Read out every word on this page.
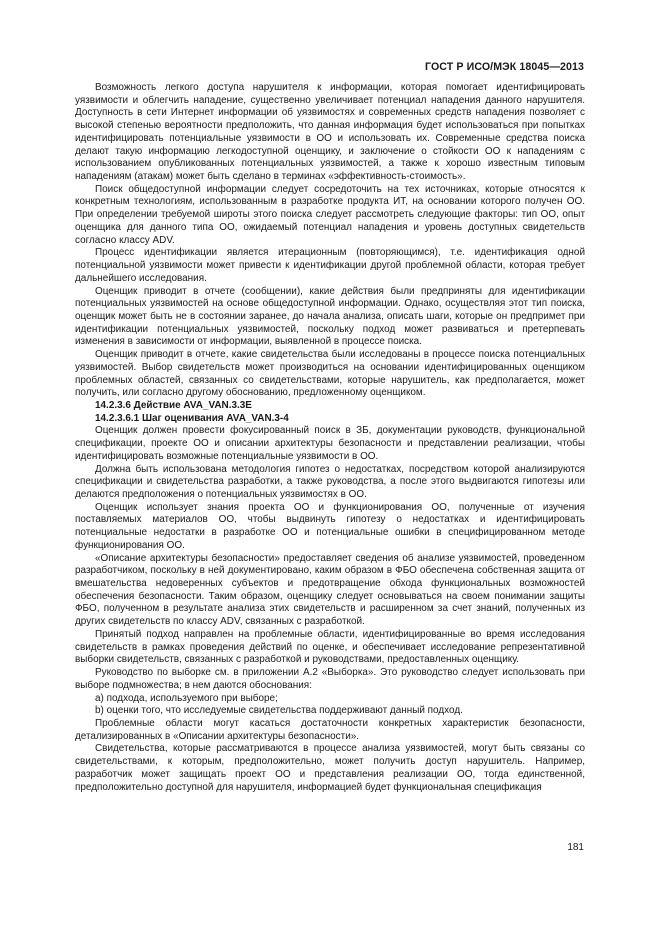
ГОСТ Р ИСО/МЭК 18045—2013

Возможность легкого доступа нарушителя к информации, которая помогает идентифицировать уязвимости и облегчить нападение, существенно увеличивает потенциал нападения данного нарушителя. Доступность в сети Интернет информации об уязвимостях и современных средств нападения позволяет с высокой степенью вероятности предположить, что данная информация будет использоваться при попытках идентифицировать потенциальные уязвимости в ОО и использовать их. Современные средства поиска делают такую информацию легкодоступной оценщику, и заключение о стойкости ОО к нападениям с использованием опубликованных потенциальных уязвимостей, а также к хорошо известным типовым нападениям (атакам) может быть сделано в терминах «эффективность-стоимость».

Поиск общедоступной информации следует сосредоточить на тех источниках, которые относятся к конкретным технологиям, использованным в разработке продукта ИТ, на основании которого получен ОО. При определении требуемой широты этого поиска следует рассмотреть следующие факторы: тип ОО, опыт оценщика для данного типа ОО, ожидаемый потенциал нападения и уровень доступных свидетельств согласно классу ADV.

Процесс идентификации является итерационным (повторяющимся), т.е. идентификация одной потенциальной уязвимости может привести к идентификации другой проблемной области, которая требует дальнейшего исследования.

Оценщик приводит в отчете (сообщении), какие действия были предприняты для идентификации потенциальных уязвимостей на основе общедоступной информации. Однако, осуществляя этот тип поиска, оценщик может быть не в состоянии заранее, до начала анализа, описать шаги, которые он предпримет при идентификации потенциальных уязвимостей, поскольку подход может развиваться и претерпевать изменения в зависимости от информации, выявленной в процессе поиска.

Оценщик приводит в отчете, какие свидетельства были исследованы в процессе поиска потенциальных уязвимостей. Выбор свидетельств может производиться на основании идентифицированных оценщиком проблемных областей, связанных со свидетельствами, которые нарушитель, как предполагается, может получить, или согласно другому обоснованию, предложенному оценщиком.

14.2.3.6 Действие AVA_VAN.3.3E

14.2.3.6.1 Шаг оценивания AVA_VAN.3-4

Оценщик должен провести фокусированный поиск в ЗБ, документации руководств, функциональной спецификации, проекте ОО и описании архитектуры безопасности и представлении реализации, чтобы идентифицировать возможные потенциальные уязвимости в ОО.

Должна быть использована методология гипотез о недостатках, посредством которой анализируются спецификации и свидетельства разработки, а также руководства, а после этого выдвигаются гипотезы или делаются предположения о потенциальных уязвимостях в ОО.

Оценщик использует знания проекта ОО и функционирования ОО, полученные от изучения поставляемых материалов ОО, чтобы выдвинуть гипотезу о недостатках и идентифицировать потенциальные недостатки в разработке ОО и потенциальные ошибки в специфицированном методе функционирования ОО.

«Описание архитектуры безопасности» предоставляет сведения об анализе уязвимостей, проведенном разработчиком, поскольку в ней документировано, каким образом в ФБО обеспечена собственная защита от вмешательства недоверенных субъектов и предотвращение обхода функциональных возможностей обеспечения безопасности. Таким образом, оценщику следует основываться на своем понимании защиты ФБО, полученном в результате анализа этих свидетельств и расширенном за счет знаний, полученных из других свидетельств по классу ADV, связанных с разработкой.

Принятый подход направлен на проблемные области, идентифицированные во время исследования свидетельств в рамках проведения действий по оценке, и обеспечивает исследование репрезентативной выборки свидетельств, связанных с разработкой и руководствами, предоставленных оценщику.

Руководство по выборке см. в приложении А.2 «Выборка». Это руководство следует использовать при выборе подмножества; в нем даются обоснования:

а) подхода, используемого при выборе;

b) оценки того, что исследуемые свидетельства поддерживают данный подход.

Проблемные области могут касаться достаточности конкретных характеристик безопасности, детализированных в «Описании архитектуры безопасности».

Свидетельства, которые рассматриваются в процессе анализа уязвимостей, могут быть связаны со свидетельствами, к которым, предположительно, может получить доступ нарушитель. Например, разработчик может защищать проект ОО и представления реализации ОО, тогда единственной, предположительно доступной для нарушителя, информацией будет функциональная спецификация

181
